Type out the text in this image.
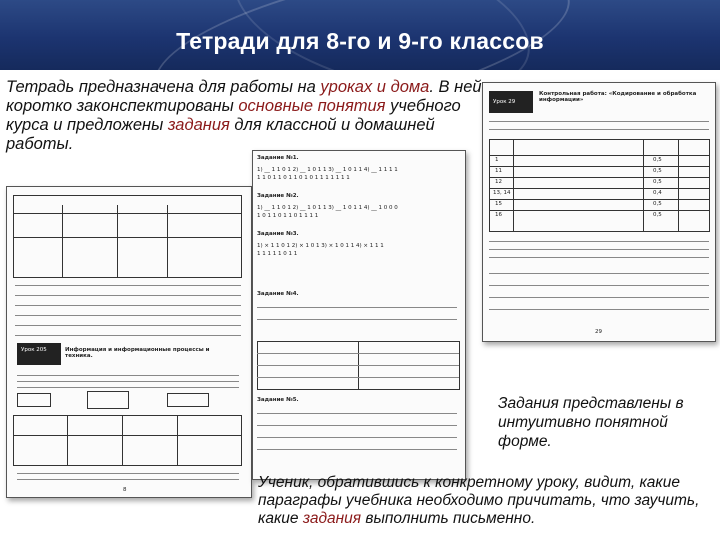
Тетради для 8-го и 9-го классов
Тетрадь предназначена для работы на уроках и дома. В ней коротко законспектированы основные понятия учебного курса и предложены задания для классной и домашней работы.
Урок 205	Информация и информационные процессы и техника.
8
Задание №1.
1) __ 1 1 0 1 2) __ 1 0 1 1 3) __ 1 0 1 1 4) __ 1 1 1 1
1 1 0 1 1 0 1 1 0 1 0 1 1 1 1 1 1 1
Задание №2.
1) __ 1 1 0 1 2) __ 1 0 1 1 3) __ 1 0 1 1 4) __ 1 0 0 0
1 0 1 1 0 1 1 0 1 1 1 1
Задание №3.
1) × 1 1 0 1 2) × 1 0 1 3) × 1 0 1 1 4) × 1 1 1
1 1 1 1 1 0 1 1
Задание №4.
Задание №5.
Урок 29
Контрольная работа: «Кодирование и обработка информации»
1	0,5
11	0,5
12	0,5
13, 14	0,4
15	0,5
16	0,5
29
Задания представлены в интуитивно понятной форме.
Ученик, обратившись к конкретному уроку, видит, какие параграфы учебника необходимо причитать, что заучить, какие задания выполнить письменно.
